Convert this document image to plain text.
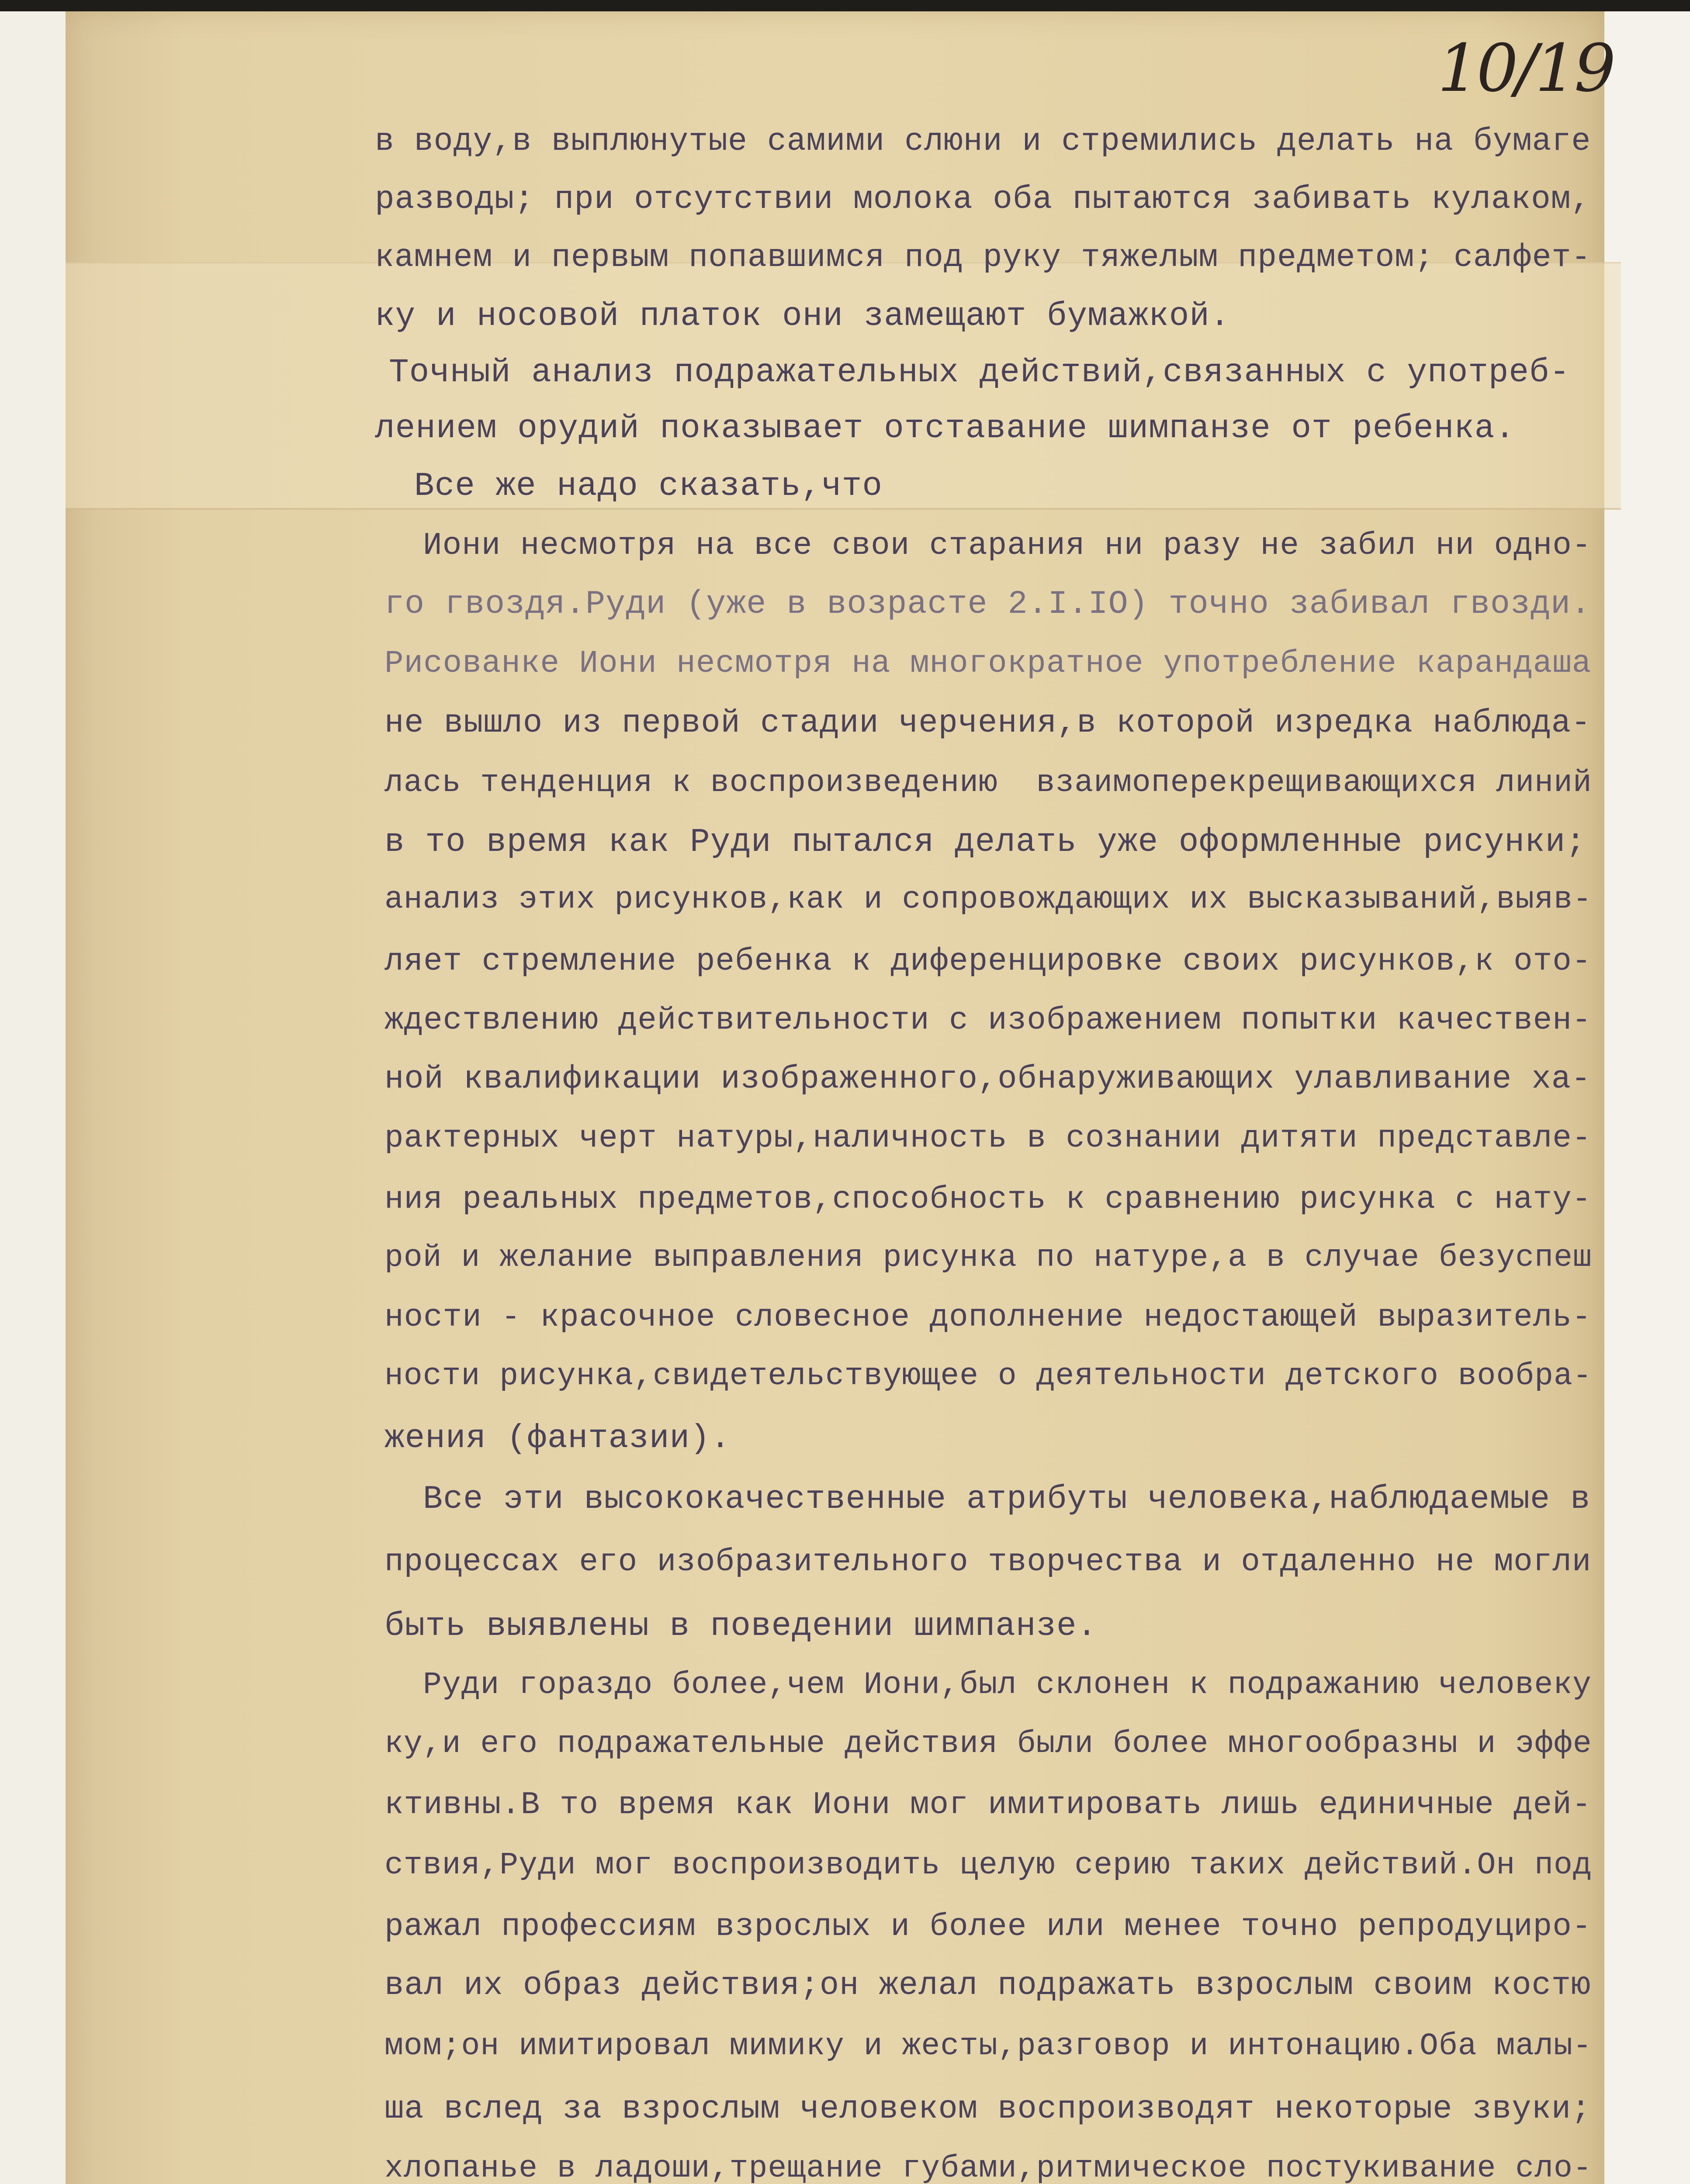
10/19
в воду,в выплюнутые самими слюни и стремились делать на бумаге
разводы; при отсутствии молока оба пытаются забивать кулаком,
камнем и первым попавшимся под руку тяжелым предметом; салфет-
ку и носовой платок они замещают бумажкой.
Точный анализ подражательных действий,связанных с употреб-
лением орудий показывает отставание шимпанзе от ребенка.
Все же надо сказать,что
Иони несмотря на все свои старания ни разу не забил ни одно-
го гвоздя.Руди (уже в возрасте 2.I.IO) точно забивал гвозди.
Рисованке Иони несмотря на многократное употребление карандаша
не вышло из первой стадии черчения,в которой изредка наблюда-
лась тенденция к воспроизведению  взаимоперекрещивающихся линий
в то время как Руди пытался делать уже оформленные рисунки;
анализ этих рисунков,как и сопровождающих их высказываний,выяв-
ляет стремление ребенка к диференцировке своих рисунков,к ото-
ждествлению действительности с изображением попытки качествен-
ной квалификации изображенного,обнаруживающих улавливание ха-
рактерных черт натуры,наличность в сознании дитяти представле-
ния реальных предметов,способность к сравнению рисунка с нату-
рой и желание выправления рисунка по натуре,а в случае безуспеш
ности - красочное словесное дополнение недостающей выразитель-
ности рисунка,свидетельствующее о деятельности детского вообра-
жения (фантазии).
Все эти высококачественные атрибуты человека,наблюдаемые в
процессах его изобразительного творчества и отдаленно не могли
быть выявлены в поведении шимпанзе.
Руди гораздо более,чем Иони,был склонен к подражанию человеку
ку,и его подражательные действия были более многообразны и эффе
ктивны.В то время как Иони мог имитировать лишь единичные дей-
ствия,Руди мог воспроизводить целую серию таких действий.Он под
ражал профессиям взрослых и более или менее точно репродуциро-
вал их образ действия;он желал подражать взрослым своим костю
мом;он имитировал мимику и жесты,разговор и интонацию.Оба малы-
ша вслед за взрослым человеком воспроизводят некоторые звуки;
хлопанье в ладоши,трещание губами,ритмическое постукивание сло-
